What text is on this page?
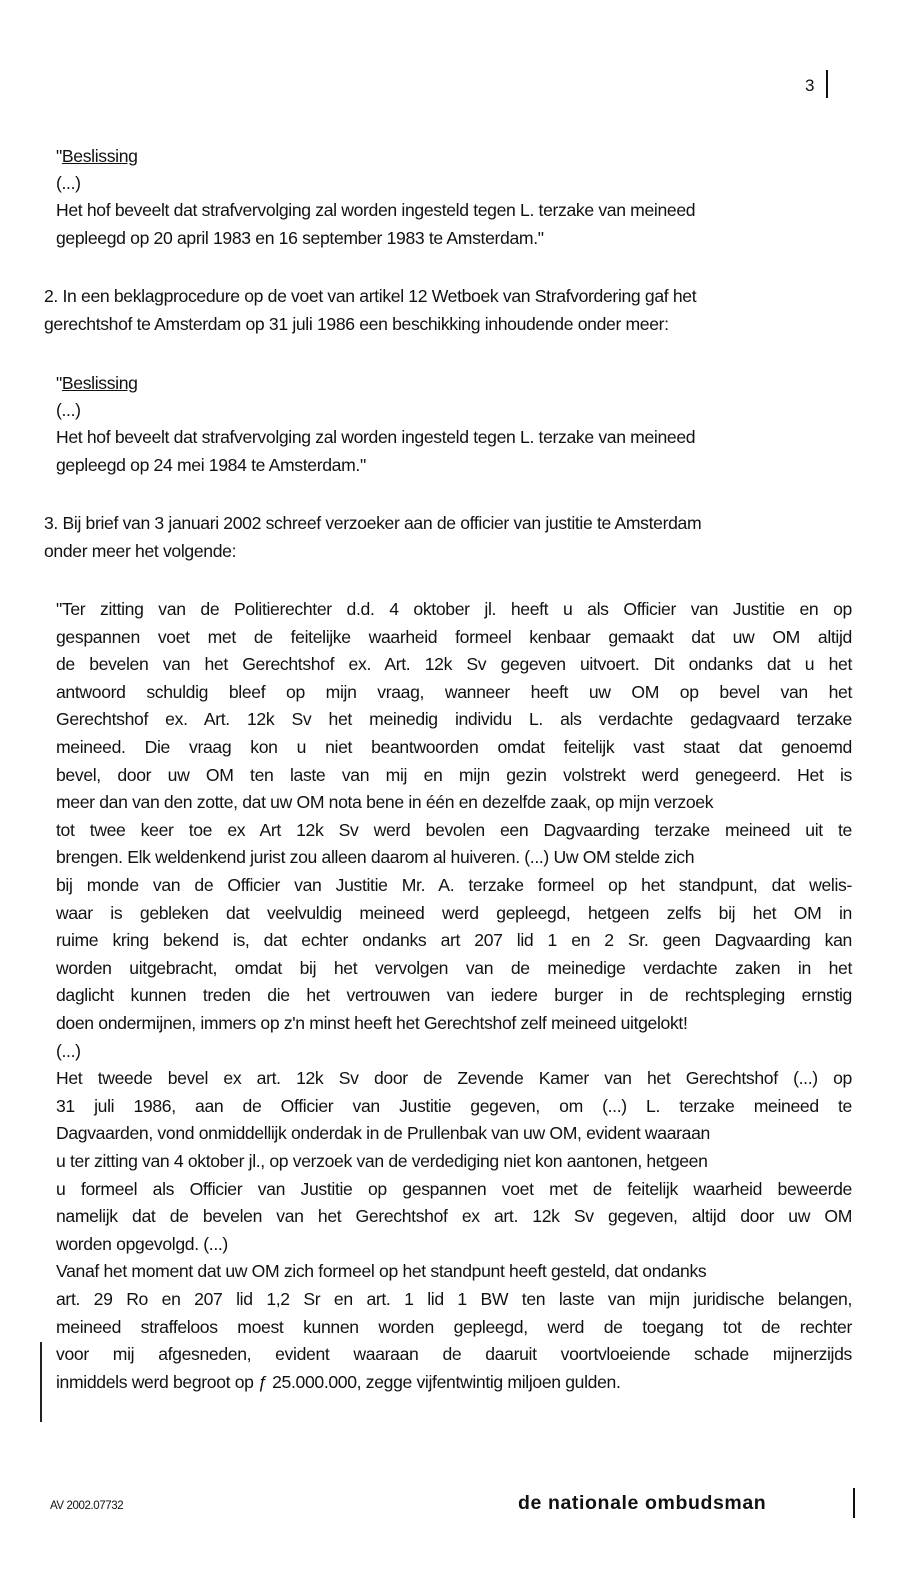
3
"Beslissing
(...)
Het hof beveelt dat strafvervolging zal worden ingesteld tegen L. terzake van meineed
gepleegd op 20 april 1983 en 16 september 1983 te Amsterdam."
2. In een beklagprocedure op de voet van artikel 12 Wetboek van Strafvordering gaf het
gerechtshof te Amsterdam op 31 juli 1986 een beschikking inhoudende onder meer:
"Beslissing
(...)
Het hof beveelt dat strafvervolging zal worden ingesteld tegen L. terzake van meineed
gepleegd op 24 mei 1984 te Amsterdam."
3. Bij brief van 3 januari 2002 schreef verzoeker aan de officier van justitie te Amsterdam
onder meer het volgende:
"Ter zitting van de Politierechter d.d. 4 oktober jl. heeft u als Officier van Justitie en op
gespannen voet met de feitelijke waarheid formeel kenbaar gemaakt dat uw OM altijd
de bevelen van het Gerechtshof ex. Art. 12k Sv gegeven uitvoert. Dit ondanks dat u het
antwoord schuldig bleef op mijn vraag, wanneer heeft uw OM op bevel van het
Gerechtshof ex. Art. 12k Sv het meinedig individu L. als verdachte gedagvaard terzake
meineed. Die vraag kon u niet beantwoorden omdat feitelijk vast staat dat genoemd
bevel, door uw OM ten laste van mij en mijn gezin volstrekt werd genegeerd. Het is
meer dan van den zotte, dat uw OM nota bene in één en dezelfde zaak, op mijn verzoek
tot twee keer toe ex Art 12k Sv werd bevolen een Dagvaarding terzake meineed uit te
brengen. Elk weldenkend jurist zou alleen daarom al huiveren. (...) Uw OM stelde zich
bij monde van de Officier van Justitie Mr. A. terzake formeel op het standpunt, dat welis-
waar is gebleken dat veelvuldig meineed werd gepleegd, hetgeen zelfs bij het OM in
ruime kring bekend is, dat echter ondanks art 207 lid 1 en 2 Sr. geen Dagvaarding kan
worden uitgebracht, omdat bij het vervolgen van de meinedige verdachte zaken in het
daglicht kunnen treden die het vertrouwen van iedere burger in de rechtspleging ernstig
doen ondermijnen, immers op z'n minst heeft het Gerechtshof zelf meineed uitgelokt!
(...)
Het tweede bevel ex art. 12k Sv door de Zevende Kamer van het Gerechtshof (...) op
31 juli 1986, aan de Officier van Justitie gegeven, om (...) L. terzake meineed te
Dagvaarden, vond onmiddellijk onderdak in de Prullenbak van uw OM, evident waaraan
u ter zitting van 4 oktober jl., op verzoek van de verdediging niet kon aantonen, hetgeen
u formeel als Officier van Justitie op gespannen voet met de feitelijk waarheid beweerde
namelijk dat de bevelen van het Gerechtshof ex art. 12k Sv gegeven, altijd door uw OM
worden opgevolgd. (...)
Vanaf het moment dat uw OM zich formeel op het standpunt heeft gesteld, dat ondanks
art. 29 Ro en 207 lid 1,2 Sr en art. 1 lid 1 BW ten laste van mijn juridische belangen,
meineed straffeloos moest kunnen worden gepleegd, werd de toegang tot de rechter
voor mij afgesneden, evident waaraan de daaruit voortvloeiende schade mijnerzijds
inmiddels werd begroot op ƒ 25.000.000, zegge vijfentwintig miljoen gulden.
AV 2002.07732	de nationale ombudsman
